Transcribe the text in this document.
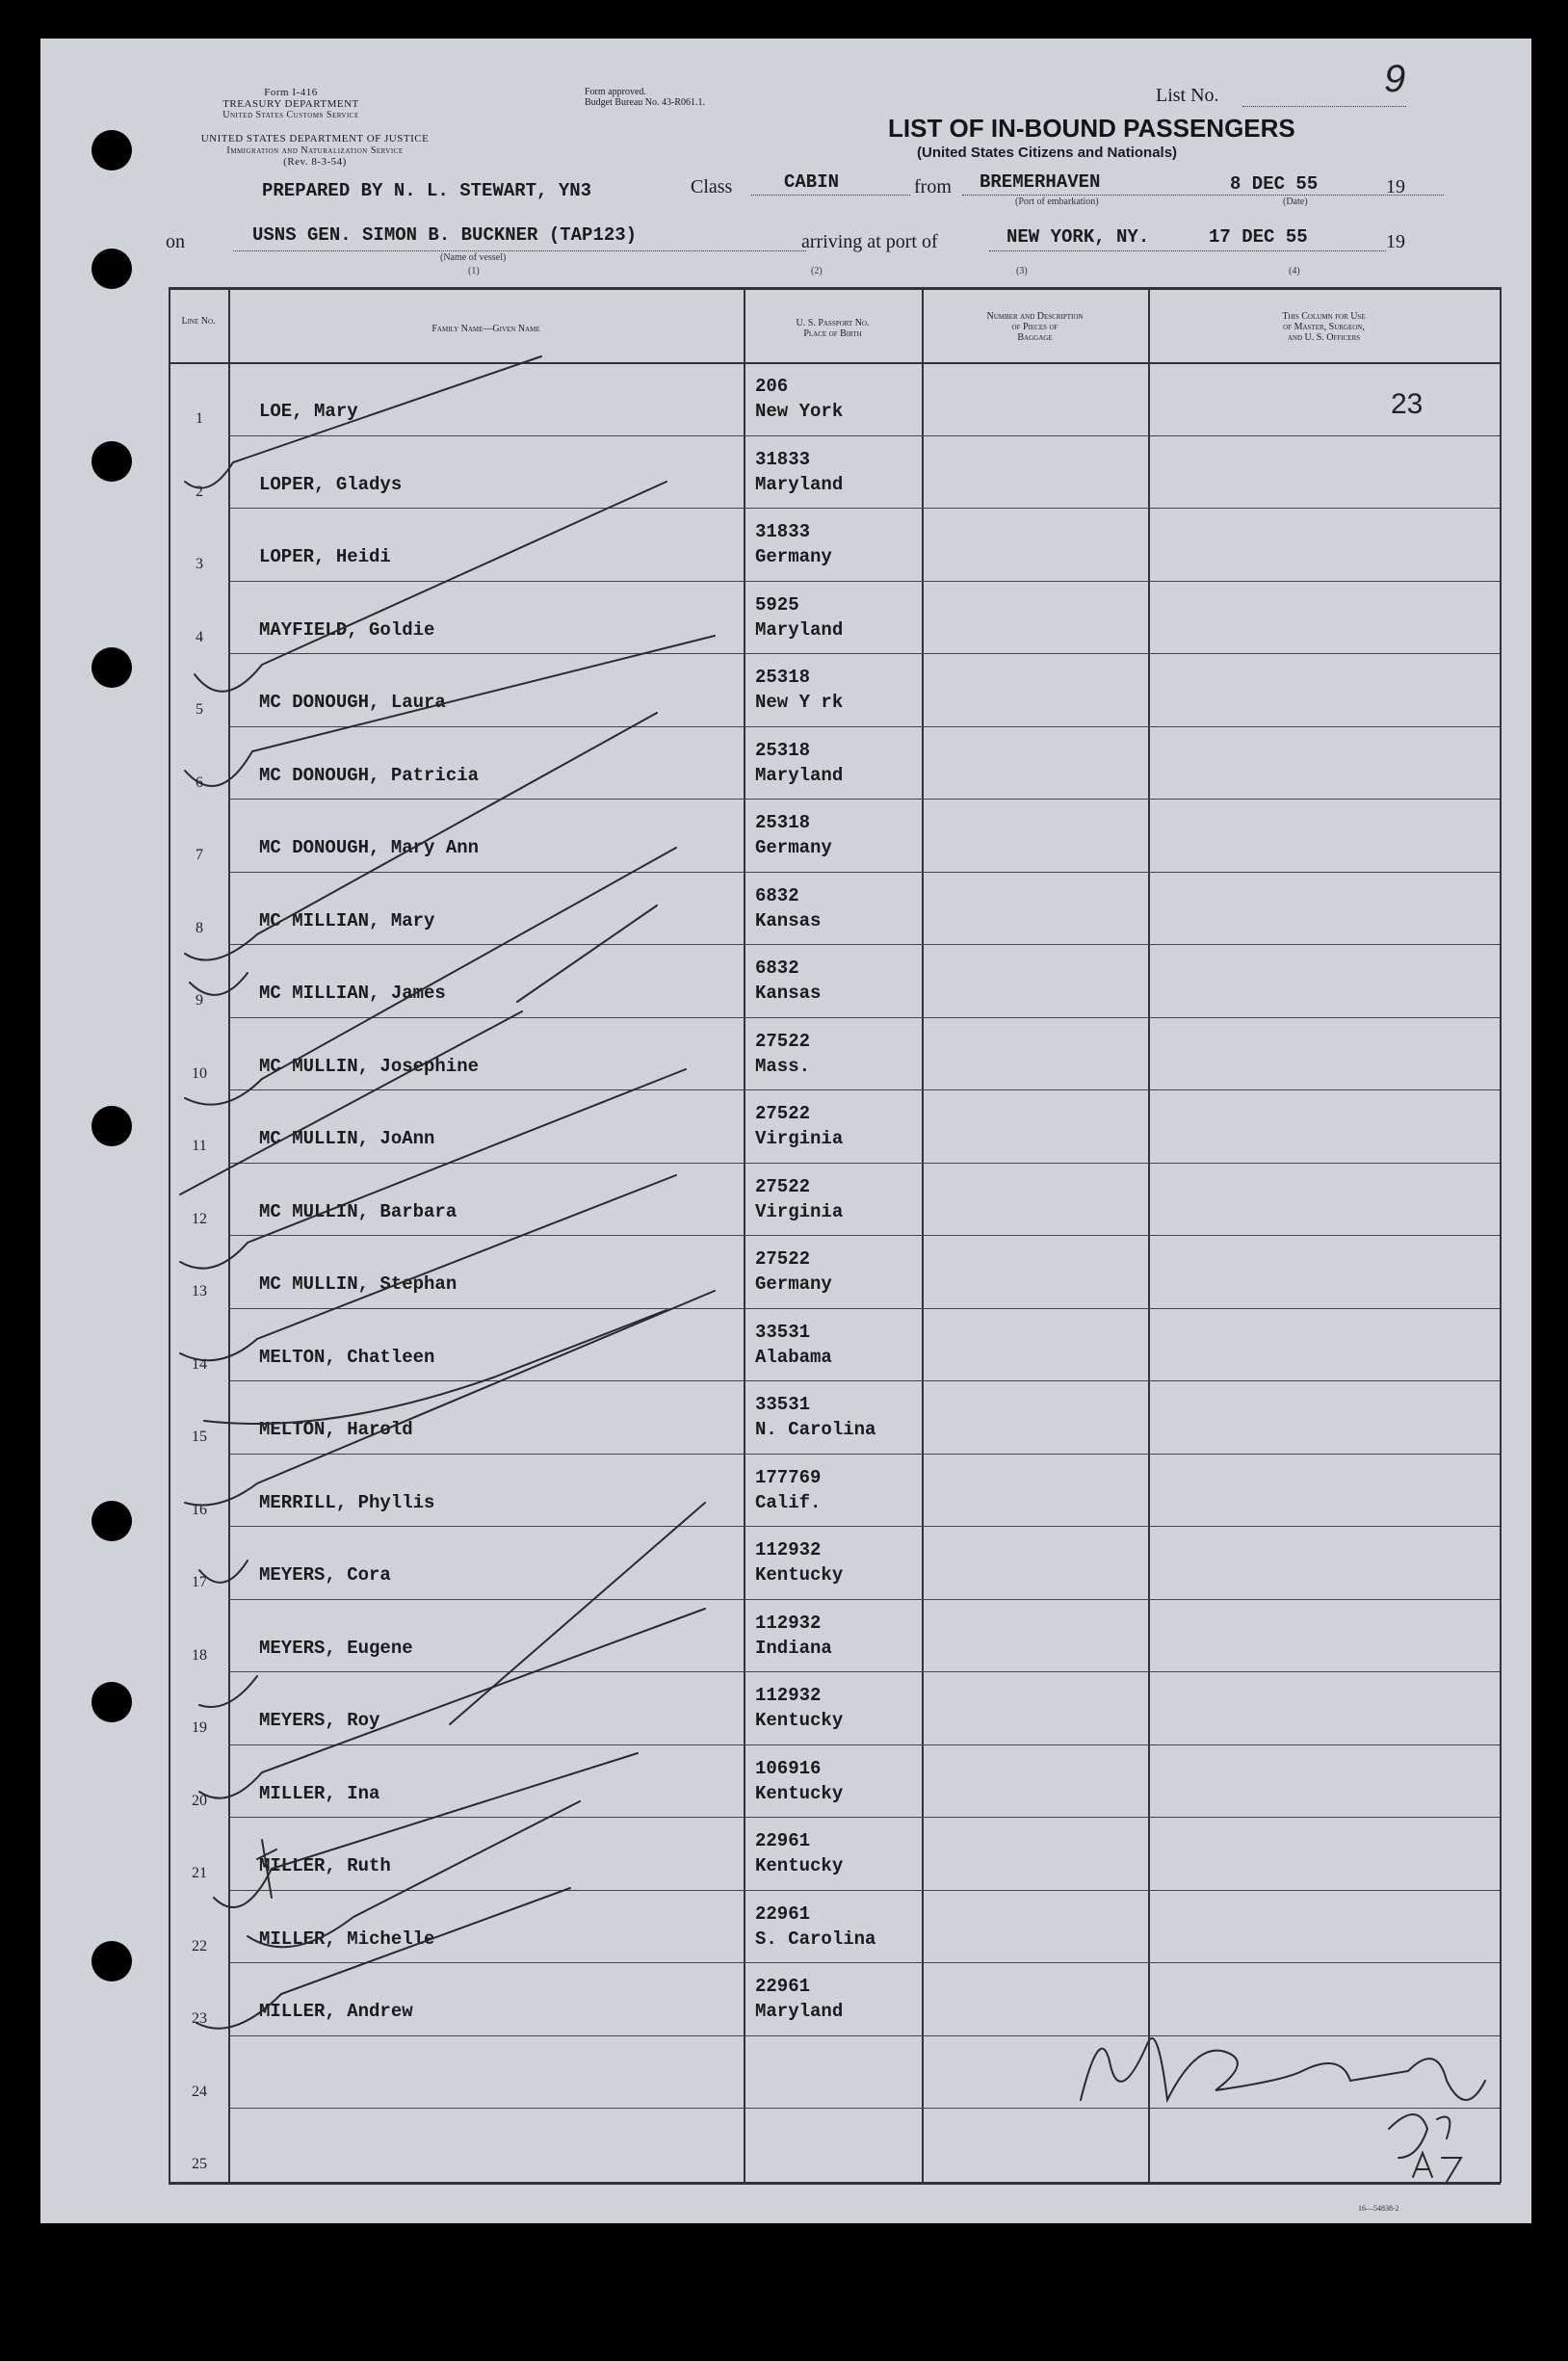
Form I-416
TREASURY DEPARTMENT
United States Customs Service
UNITED STATES DEPARTMENT OF JUSTICE
Immigration and Naturalization Service
(Rev. 8-3-54)
Form approved.
Budget Bureau No. 43-R061.1.	List No.	9
LIST OF IN-BOUND PASSENGERS
(United States Citizens and Nationals)
PREPARED BY N. L. STEWART, YN3	Class	CABIN	from BREMERHAVEN
(Port of embarkation)
8 DEC 55
(Date)
19
on	USNS GEN. SIMON B. BUCKNER (TAP123)
(Name of vessel)
arriving at port of	NEW YORK, NY.	17 DEC 55	19
(1)	(2)	(3)	(4)
Line No.
Family Name—Given Name
U. S. Passport No.
Place of Birth
Number and Description
of Pieces of
Baggage
This Column for Use
of Master, Surgeon,
and U. S. Officers
23
1	LOE, Mary
206
New York
2	LOPER, Gladys
31833
Maryland
3	LOPER, Heidi
31833
Germany
4	MAYFIELD, Goldie
5925
Maryland
5	MC DONOUGH, Laura
25318
New Y rk
6	MC DONOUGH, Patricia
25318
Maryland
7	MC DONOUGH, Mary Ann
25318
Germany
8	MC MILLIAN, Mary
6832
Kansas
9	MC MILLIAN, James
6832
Kansas
10	MC MULLIN, Josephine
27522
Mass.
11	MC MULLIN, JoAnn
27522
Virginia
12	MC MULLIN, Barbara
27522
Virginia
13	MC MULLIN, Stephan
27522
Germany
14	MELTON, Chatleen
33531
Alabama
15	MELTON, Harold
33531
N. Carolina
16	MERRILL, Phyllis
177769
Calif.
17	MEYERS, Cora
112932
Kentucky
18	MEYERS, Eugene
112932
Indiana
19	MEYERS, Roy
112932
Kentucky
20	MILLER, Ina
106916
Kentucky
21	MILLER, Ruth
22961
Kentucky
22	MILLER, Michelle
22961
S. Carolina
23	MILLER, Andrew
22961
Maryland
24
25
16—54838-2
